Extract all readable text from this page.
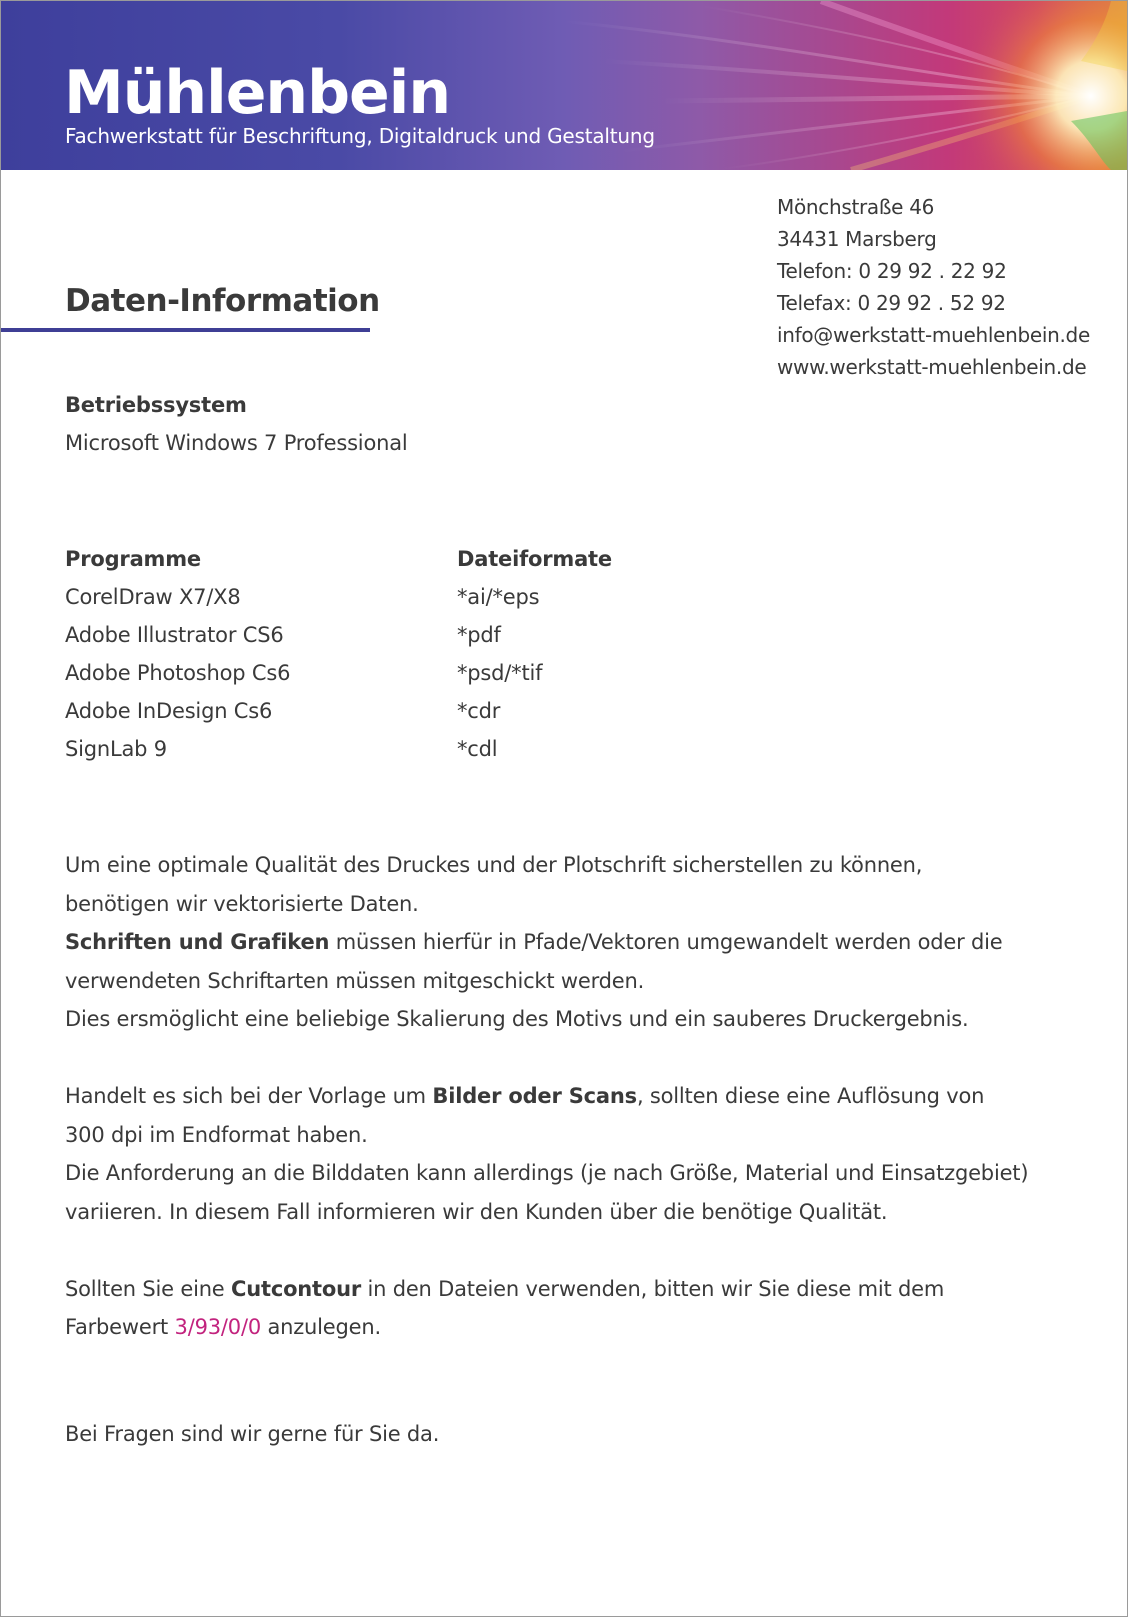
Mühlenbein
Fachwerkstatt für Beschriftung, Digitaldruck und Gestaltung
Mönchstraße 46
34431 Marsberg
Telefon: 0 29 92 . 22 92
Telefax: 0 29 92 . 52 92
info@werkstatt-muehlenbein.de
www.werkstatt-muehlenbein.de
Daten-Information
Betriebssystem
Microsoft Windows 7 Professional
Programme
CorelDraw X7/X8
Adobe Illustrator CS6
Adobe Photoshop Cs6
Adobe InDesign Cs6
SignLab 9
Dateiformate
*ai/*eps
*pdf
*psd/*tif
*cdr
*cdl

Um eine optimale Qualität des Druckes und der Plotschrift sicherstellen zu können,

benötigen wir vektorisierte Daten.

Schriften und Grafiken müssen hierfür in Pfade/Vektoren umgewandelt werden oder die

verwendeten Schriftarten müssen mitgeschickt werden.

Dies ersmöglicht eine beliebige Skalierung des Motivs und ein sauberes Druckergebnis.

Handelt es sich bei der Vorlage um Bilder oder Scans, sollten diese eine Auflösung von

300 dpi im Endformat haben.

Die Anforderung an die Bilddaten kann allerdings (je nach Größe, Material und Einsatzgebiet)

variieren. In diesem Fall informieren wir den Kunden über die benötige Qualität.

Sollten Sie eine Cutcontour in den Dateien verwenden, bitten wir Sie diese mit dem

Farbewert 3/93/0/0 anzulegen.

Bei Fragen sind wir gerne für Sie da.
